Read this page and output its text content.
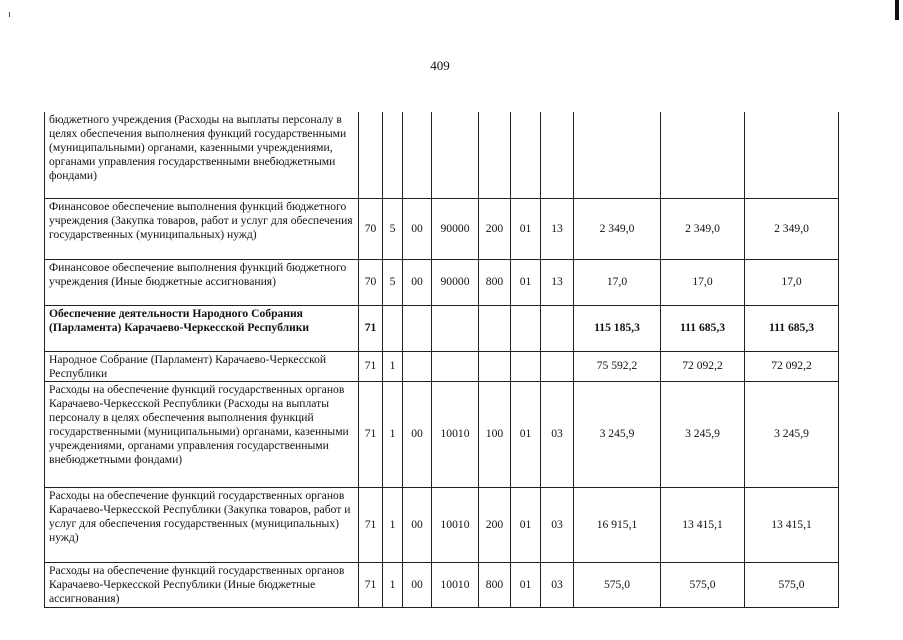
409
бюджетного учреждения (Расходы на выплаты персоналу в целях обеспечения выполнения функций государственными (муниципальными) органами, казенными учреждениями, органами управления государственными внебюджетными фондами)										
Финансовое обеспечение выполнения функций бюджетного учреждения (Закупка товаров, работ и услуг для обеспечения государственных (муниципальных) нужд)	70	5	00	90000	200	01	13	2 349,0	2 349,0	2 349,0
Финансовое обеспечение выполнения функций бюджетного учреждения (Иные бюджетные ассигнования)	70	5	00	90000	800	01	13	17,0	17,0	17,0
Обеспечение деятельности Народного Собрания (Парламента) Карачаево-Черкесской Республики	71							115 185,3	111 685,3	111 685,3
Народное Собрание (Парламент) Карачаево-Черкесской Республики	71	1						75 592,2	72 092,2	72 092,2
Расходы на обеспечение функций государственных органов Карачаево-Черкесской Республики (Расходы на выплаты персоналу в целях обеспечения выполнения функций государственными (муниципальными) органами, казенными учреждениями, органами управления государственными внебюджетными фондами)	71	1	00	10010	100	01	03	3 245,9	3 245,9	3 245,9
Расходы на обеспечение функций государственных органов Карачаево-Черкесской Республики (Закупка товаров, работ и услуг для обеспечения государственных (муниципальных) нужд)	71	1	00	10010	200	01	03	16 915,1	13 415,1	13 415,1
Расходы на обеспечение функций государственных органов Карачаево-Черкесской Республики (Иные бюджетные ассигнования)	71	1	00	10010	800	01	03	575,0	575,0	575,0
